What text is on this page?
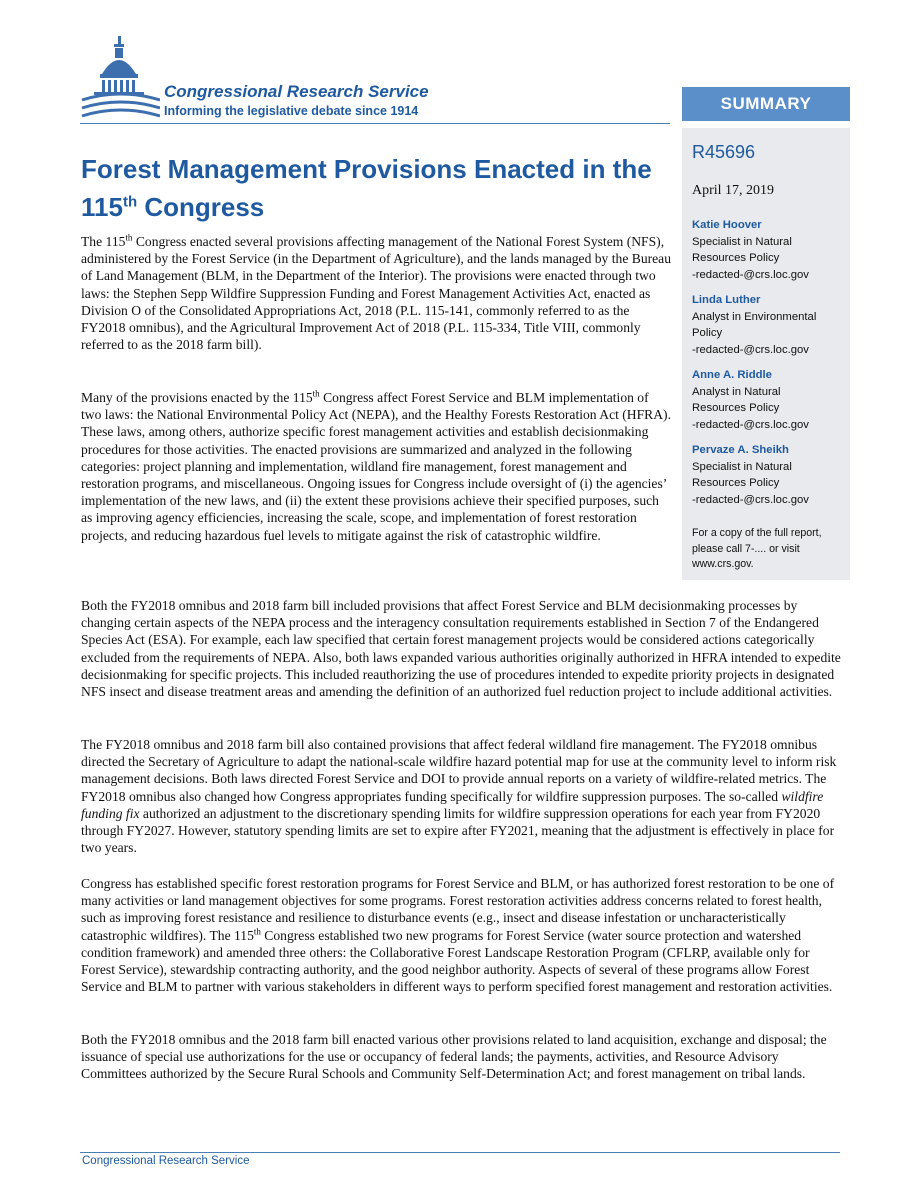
Congressional Research Service
Informing the legislative debate since 1914	SUMMARY
R45696
April 17, 2019
Katie Hoover
Specialist in Natural
Resources Policy
-redacted-@crs.loc.gov
Linda Luther
Analyst in Environmental
Policy
-redacted-@crs.loc.gov
Anne A. Riddle
Analyst in Natural
Resources Policy
-redacted-@crs.loc.gov
Pervaze A. Sheikh
Specialist in Natural
Resources Policy
-redacted-@crs.loc.gov
For a copy of the full report, please call 7-.... or visit www.crs.gov.
Forest Management Provisions Enacted in the
115th Congress
The 115th Congress enacted several provisions affecting management of the National Forest System (NFS), administered by the Forest Service (in the Department of Agriculture), and the lands managed by the Bureau of Land Management (BLM, in the Department of the Interior). The provisions were enacted through two laws: the Stephen Sepp Wildfire Suppression Funding and Forest Management Activities Act, enacted as Division O of the Consolidated Appropriations Act, 2018 (P.L. 115-141, commonly referred to as the FY2018 omnibus), and the Agricultural Improvement Act of 2018 (P.L. 115-334, Title VIII, commonly referred to as the 2018 farm bill).
Many of the provisions enacted by the 115th Congress affect Forest Service and BLM implementation of two laws: the National Environmental Policy Act (NEPA), and the Healthy Forests Restoration Act (HFRA). These laws, among others, authorize specific forest management activities and establish decisionmaking procedures for those activities. The enacted provisions are summarized and analyzed in the following categories: project planning and implementation, wildland fire management, forest management and restoration programs, and miscellaneous. Ongoing issues for Congress include oversight of (i) the agencies’ implementation of the new laws, and (ii) the extent these provisions achieve their specified purposes, such as improving agency efficiencies, increasing the scale, scope, and implementation of forest restoration projects, and reducing hazardous fuel levels to mitigate against the risk of catastrophic wildfire.
Both the FY2018 omnibus and 2018 farm bill included provisions that affect Forest Service and BLM decisionmaking processes by changing certain aspects of the NEPA process and the interagency consultation requirements established in Section 7 of the Endangered Species Act (ESA). For example, each law specified that certain forest management projects would be considered actions categorically excluded from the requirements of NEPA. Also, both laws expanded various authorities originally authorized in HFRA intended to expedite decisionmaking for specific projects. This included reauthorizing the use of procedures intended to expedite priority projects in designated NFS insect and disease treatment areas and amending the definition of an authorized fuel reduction project to include additional activities.
The FY2018 omnibus and 2018 farm bill also contained provisions that affect federal wildland fire management. The FY2018 omnibus directed the Secretary of Agriculture to adapt the national-scale wildfire hazard potential map for use at the community level to inform risk management decisions. Both laws directed Forest Service and DOI to provide annual reports on a variety of wildfire-related metrics. The FY2018 omnibus also changed how Congress appropriates funding specifically for wildfire suppression purposes. The so-called wildfire funding fix authorized an adjustment to the discretionary spending limits for wildfire suppression operations for each year from FY2020 through FY2027. However, statutory spending limits are set to expire after FY2021, meaning that the adjustment is effectively in place for two years.
Congress has established specific forest restoration programs for Forest Service and BLM, or has authorized forest restoration to be one of many activities or land management objectives for some programs. Forest restoration activities address concerns related to forest health, such as improving forest resistance and resilience to disturbance events (e.g., insect and disease infestation or uncharacteristically catastrophic wildfires). The 115th Congress established two new programs for Forest Service (water source protection and watershed condition framework) and amended three others: the Collaborative Forest Landscape Restoration Program (CFLRP, available only for Forest Service), stewardship contracting authority, and the good neighbor authority. Aspects of several of these programs allow Forest Service and BLM to partner with various stakeholders in different ways to perform specified forest management and restoration activities.
Both the FY2018 omnibus and the 2018 farm bill enacted various other provisions related to land acquisition, exchange and disposal; the issuance of special use authorizations for the use or occupancy of federal lands; the payments, activities, and Resource Advisory Committees authorized by the Secure Rural Schools and Community Self-Determination Act; and forest management on tribal lands.
Congressional Research Service
